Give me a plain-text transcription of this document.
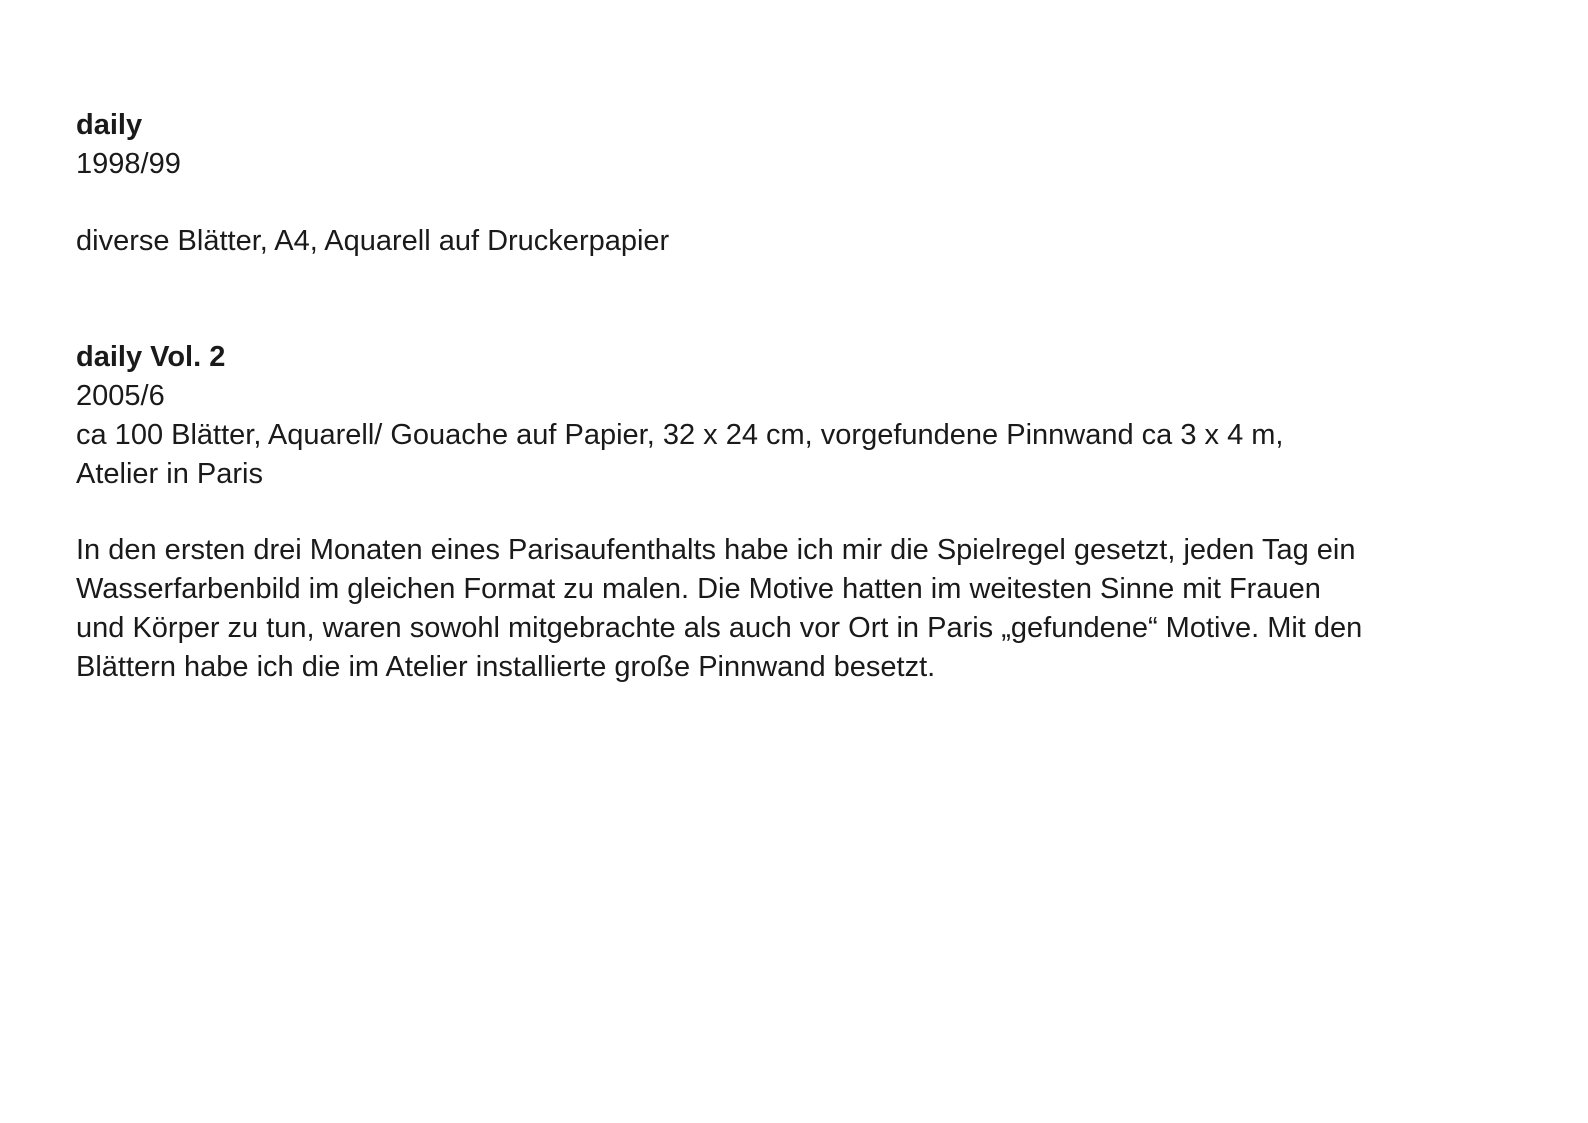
daily

1998/99

diverse Blätter, A4, Aquarell auf Druckerpapier

daily Vol. 2

2005/6

ca 100 Blätter, Aquarell/ Gouache auf Papier, 32 x 24 cm, vorgefundene Pinnwand ca 3 x 4 m,

Atelier in Paris

In den ersten drei Monaten eines Parisaufenthalts habe ich mir die Spielregel gesetzt, jeden Tag ein

Wasserfarbenbild im gleichen Format zu malen. Die Motive hatten im weitesten Sinne mit Frauen

und Körper zu tun, waren sowohl mitgebrachte als auch vor Ort in Paris „gefundene“ Motive. Mit den

Blättern habe ich die im Atelier installierte große Pinnwand besetzt.
